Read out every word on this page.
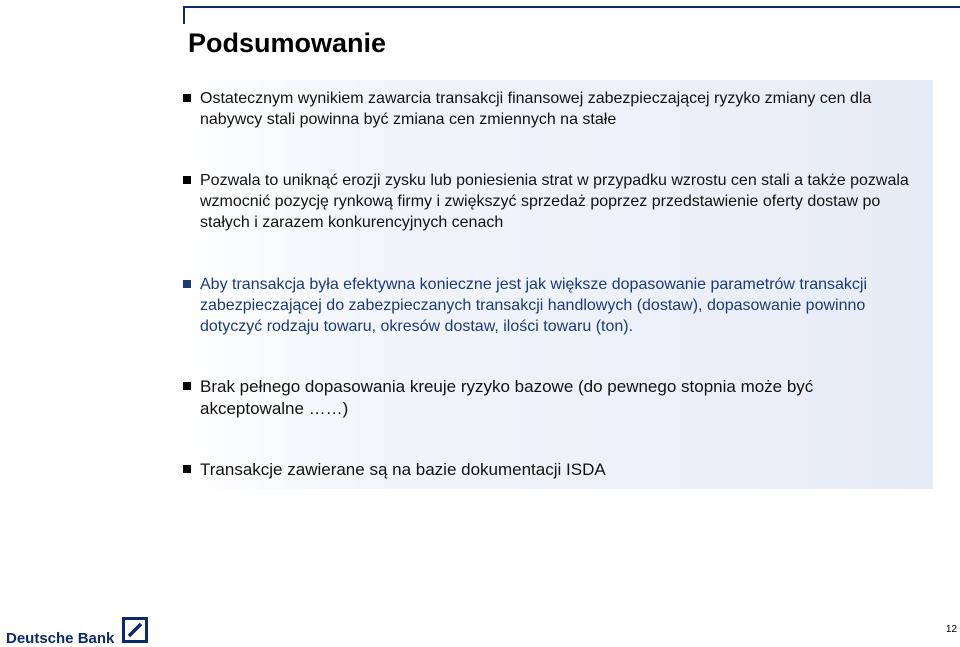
Podsumowanie
Ostatecznym wynikiem zawarcia transakcji finansowej zabezpieczającej ryzyko zmiany cen dla nabywcy stali powinna być zmiana cen zmiennych na stałe
Pozwala to uniknąć erozji zysku lub poniesienia strat w przypadku wzrostu cen stali a także pozwala wzmocnić pozycję rynkową firmy i zwiększyć sprzedaż poprzez przedstawienie oferty dostaw po stałych i zarazem konkurencyjnych cenach
Aby transakcja była efektywna konieczne jest jak większe dopasowanie parametrów transakcji zabezpieczającej do zabezpieczanych transakcji handlowych (dostaw), dopasowanie powinno dotyczyć rodzaju towaru, okresów dostaw, ilości towaru (ton).
Brak pełnego dopasowania kreuje ryzyko bazowe (do pewnego stopnia może być akceptowalne ……)
Transakcje zawierane są na bazie dokumentacji ISDA
Deutsche Bank
12
